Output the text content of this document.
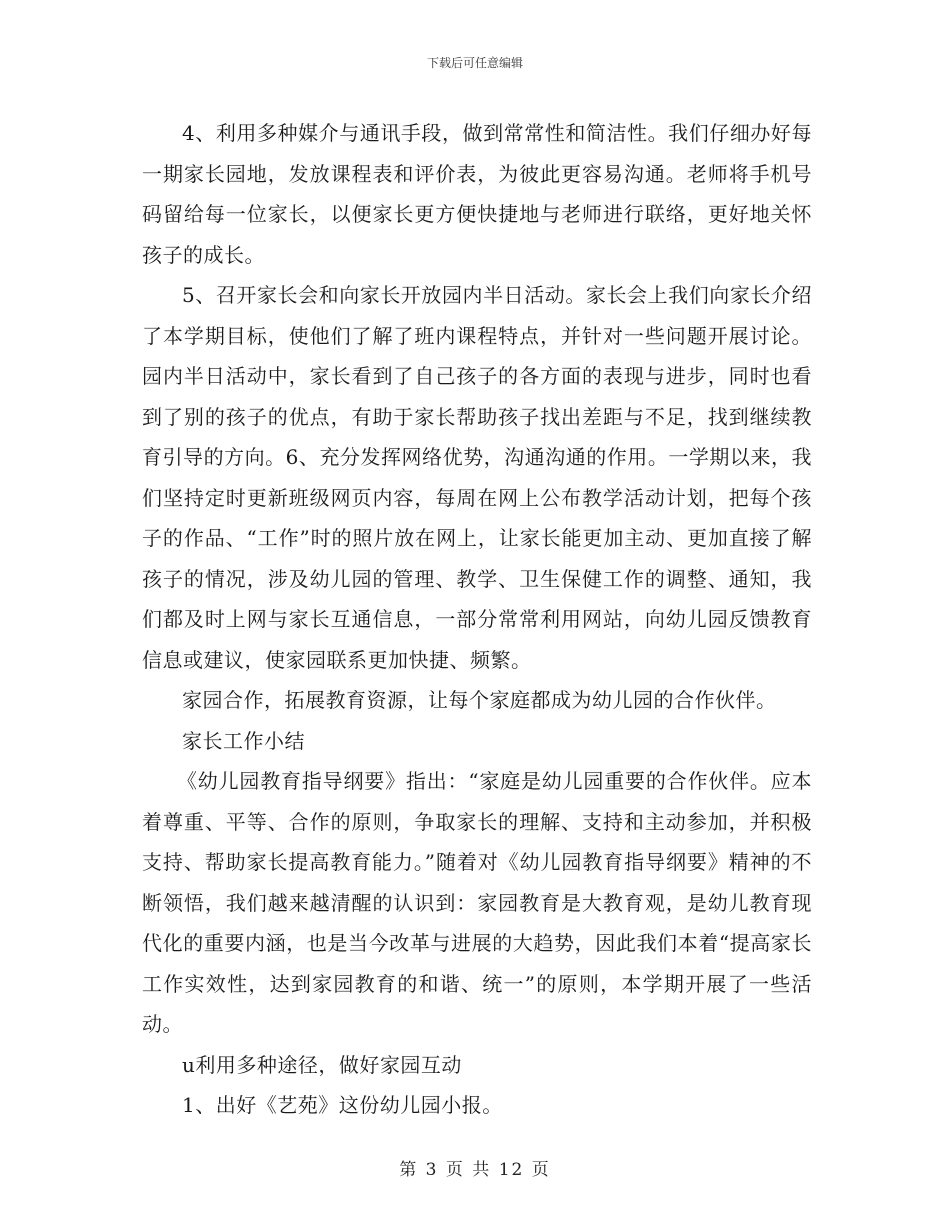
下载后可任意编辑

4、利用多种媒介与通讯手段，做到常常性和简洁性。我们仔细办好每一期家长园地，发放课程表和评价表，为彼此更容易沟通。老师将手机号码留给每一位家长，以便家长更方便快捷地与老师进行联络，更好地关怀孩子的成长。

5、召开家长会和向家长开放园内半日活动。家长会上我们向家长介绍了本学期目标，使他们了解了班内课程特点，并针对一些问题开展讨论。园内半日活动中，家长看到了自己孩子的各方面的表现与进步，同时也看到了别的孩子的优点，有助于家长帮助孩子找出差距与不足，找到继续教育引导的方向。6、充分发挥网络优势，沟通沟通的作用。一学期以来，我们坚持定时更新班级网页内容，每周在网上公布教学活动计划，把每个孩子的作品、“工作”时的照片放在网上，让家长能更加主动、更加直接了解孩子的情况，涉及幼儿园的管理、教学、卫生保健工作的调整、通知，我们都及时上网与家长互通信息，一部分常常利用网站，向幼儿园反馈教育信息或建议，使家园联系更加快捷、频繁。

家园合作，拓展教育资源，让每个家庭都成为幼儿园的合作伙伴。

家长工作小结

《幼儿园教育指导纲要》指出：“家庭是幼儿园重要的合作伙伴。应本着尊重、平等、合作的原则，争取家长的理解、支持和主动参加，并积极支持、帮助家长提高教育能力。”随着对《幼儿园教育指导纲要》精神的不断领悟，我们越来越清醒的认识到：家园教育是大教育观，是幼儿教育现代化的重要内涵，也是当今改革与进展的大趋势，因此我们本着“提高家长工作实效性，达到家园教育的和谐、统一”的原则，本学期开展了一些活动。

u利用多种途径，做好家园互动

1、出好《艺苑》这份幼儿园小报。

第 3 页 共 12 页
